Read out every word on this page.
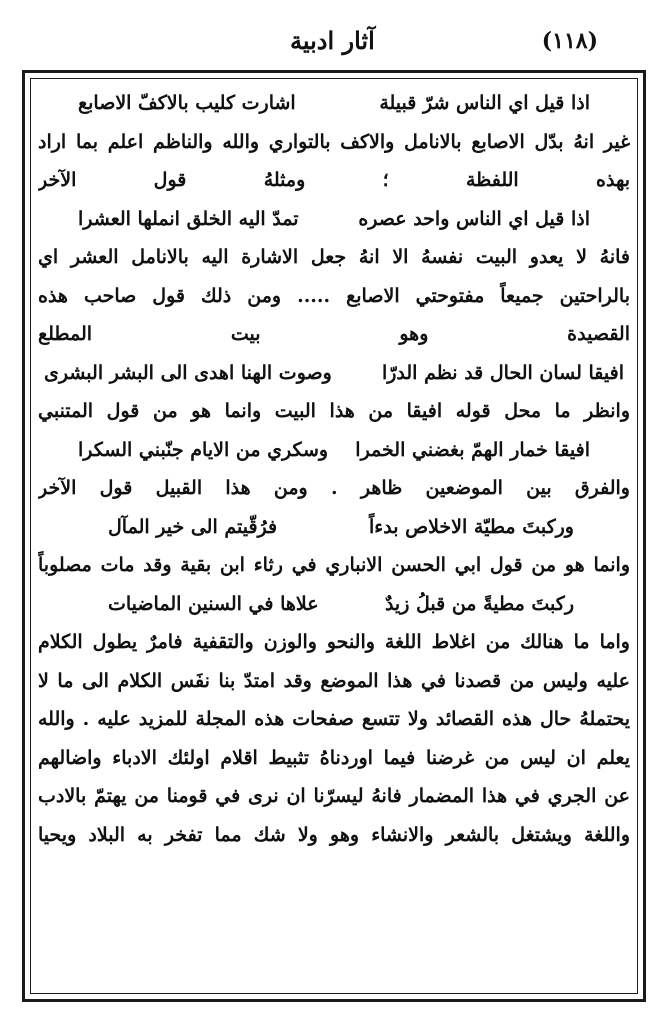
(١١٨)
آثار ادبية
اذا قيل اي الناس شرّ قبيلة
اشارت كليب بالاكفّ الاصابع
غير انهُ بدّل الاصابع بالانامل والاكف بالتواري والله والناظم اعلم بما اراد
بهذه اللفظة ؛ ومثلهُ قول الآخر
اذا قيل اي الناس واحد عصره
تمدّ اليه الخلق انملها العشرا
فانهُ لا يعدو البيت نفسهُ الا انهُ جعل الاشارة اليه بالانامل العشر اي
بالراحتين جميعاً مفتوحتي الاصابع ..... ومن ذلك قول صاحب هذه
القصيدة وهو بيت المطلع
افيقا لسان الحال قد نظم الدرّا
وصوت الهنا اهدى الى البشر البشرى
وانظر ما محل قوله افيقا من هذا البيت وانما هو من قول المتنبي
افيقا خمار الهمّ بغضني الخمرا
وسكري من الايام جنّبني السكرا
والفرق بين الموضعين ظاهر . ومن هذا القبيل قول الآخر
وركبتَ مطيّة الاخلاص بدءاً
فرُقّيتم الى خير المآل
وانما هو من قول ابي الحسن الانباري في رثاء ابن بقية وقد مات مصلوباً
ركبتَ مطيةً من قبلُ زيدٌ
علاها في السنين الماضيات
واما ما هنالك من اغلاط اللغة والنحو والوزن والتقفية فامرٌ يطول الكلام
عليه وليس من قصدنا في هذا الموضع وقد امتدّ بنا نفَس الكلام الى ما لا
يحتملهُ حال هذه القصائد ولا تتسع صفحات هذه المجلة للمزيد عليه . والله
يعلم ان ليس من غرضنا فيما اوردناهُ تثبيط اقلام اولئك الادباء واضالهم
عن الجري في هذا المضمار فانهُ ليسرّنا ان نرى في قومنا من يهتمّ بالادب
واللغة ويشتغل بالشعر والانشاء وهو ولا شك مما تفخر به البلاد ويحيا
